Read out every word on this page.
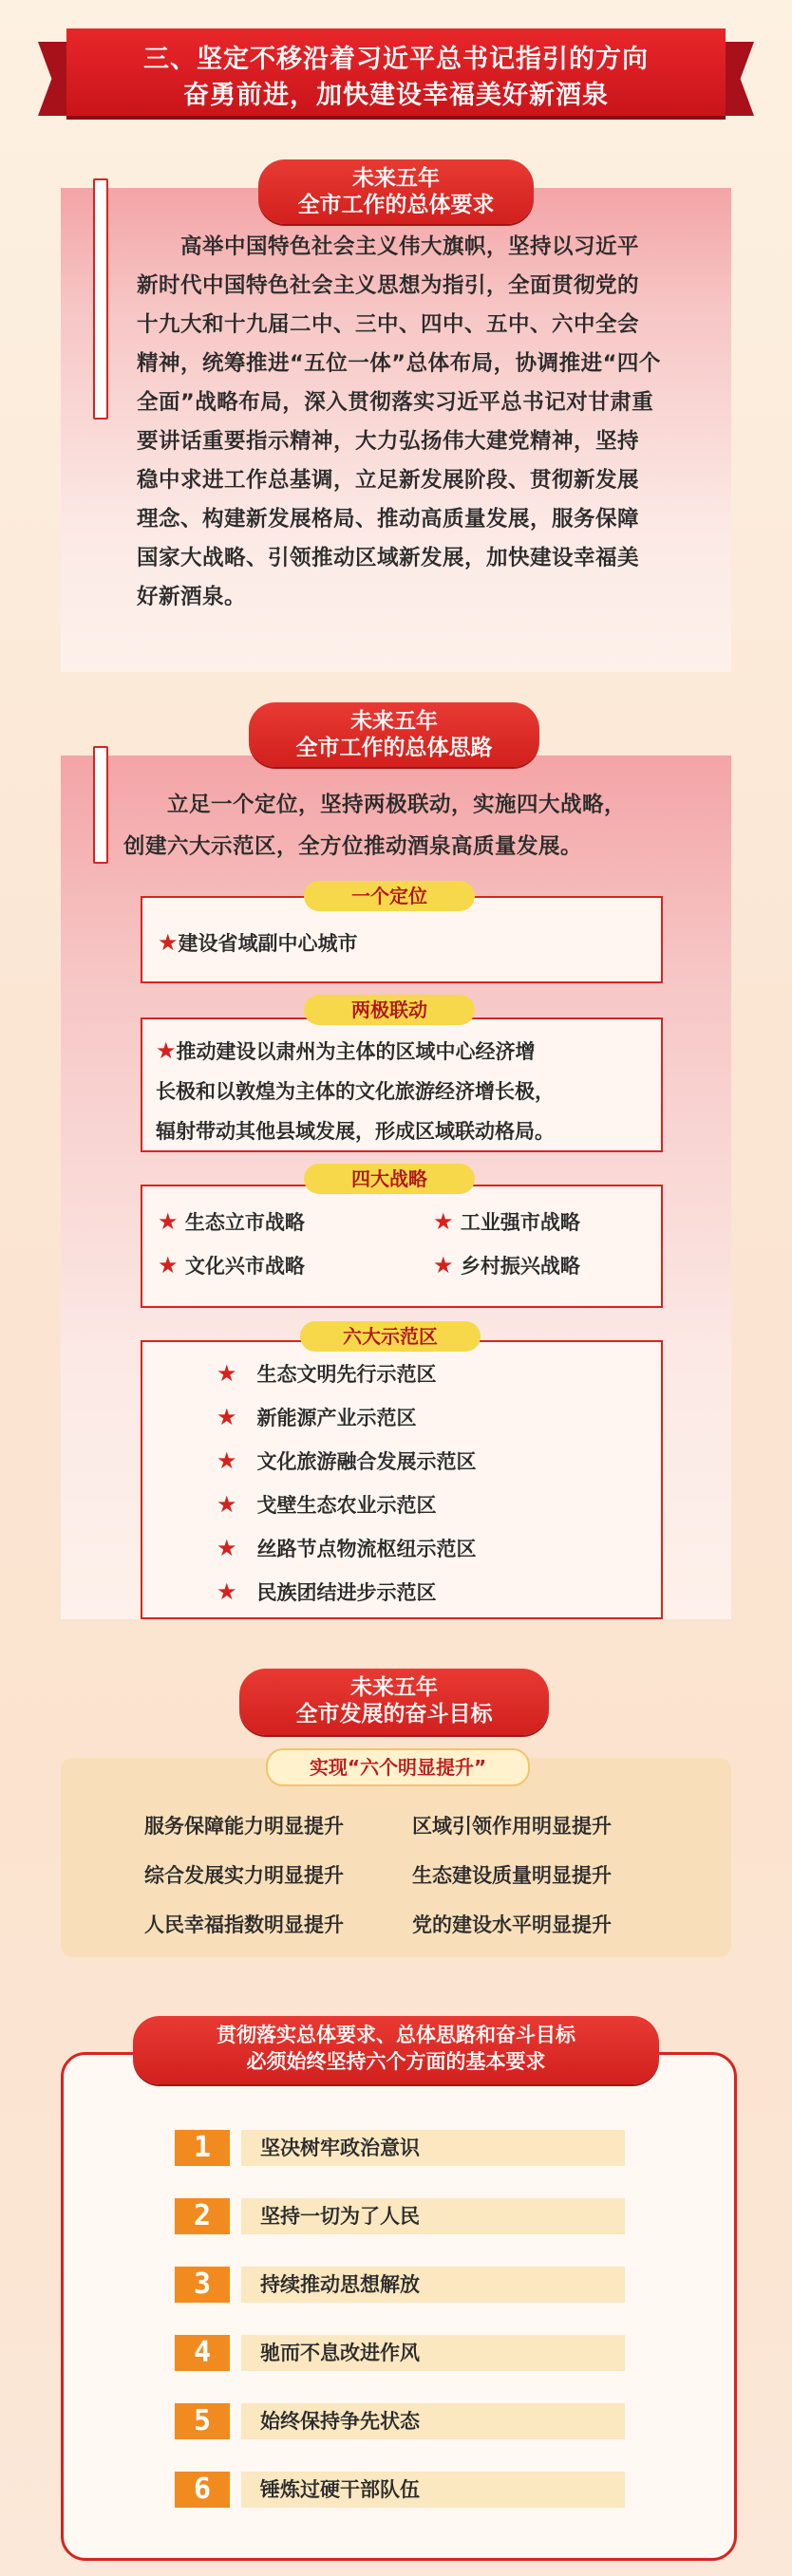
三、坚定不移沿着习近平总书记指引的方向
奋勇前进，加快建设幸福美好新酒泉
未来五年
全市工作的总体要求
　　高举中国特色社会主义伟大旗帜，坚持以习近平
新时代中国特色社会主义思想为指引，全面贯彻党的
十九大和十九届二中、三中、四中、五中、六中全会
精神，统筹推进“五位一体”总体布局，协调推进“四个
全面”战略布局，深入贯彻落实习近平总书记对甘肃重
要讲话重要指示精神，大力弘扬伟大建党精神，坚持
稳中求进工作总基调，立足新发展阶段、贯彻新发展
理念、构建新发展格局、推动高质量发展，服务保障
国家大战略、引领推动区域新发展，加快建设幸福美
好新酒泉。
未来五年
全市工作的总体思路
　　立足一个定位，坚持两极联动，实施四大战略，
创建六大示范区，全方位推动酒泉高质量发展。
一个定位
★建设省域副中心城市
两极联动
★推动建设以肃州为主体的区域中心经济增
长极和以敦煌为主体的文化旅游经济增长极，
辐射带动其他县域发展，形成区域联动格局。
四大战略
★ 生态立市战略	★ 工业强市战略
★ 文化兴市战略	★ 乡村振兴战略
六大示范区
★　 生态文明先行示范区
★　 新能源产业示范区
★　 文化旅游融合发展示范区
★　 戈壁生态农业示范区
★　 丝路节点物流枢纽示范区
★　 民族团结进步示范区
未来五年
全市发展的奋斗目标
实现“六个明显提升”
服务保障能力明显提升	区域引领作用明显提升
综合发展实力明显提升	生态建设质量明显提升
人民幸福指数明显提升	党的建设水平明显提升
贯彻落实总体要求、总体思路和奋斗目标
必须始终坚持六个方面的基本要求
1	坚决树牢政治意识
2	坚持一切为了人民
3	持续推动思想解放
4	驰而不息改进作风
5	始终保持争先状态
6	锤炼过硬干部队伍
